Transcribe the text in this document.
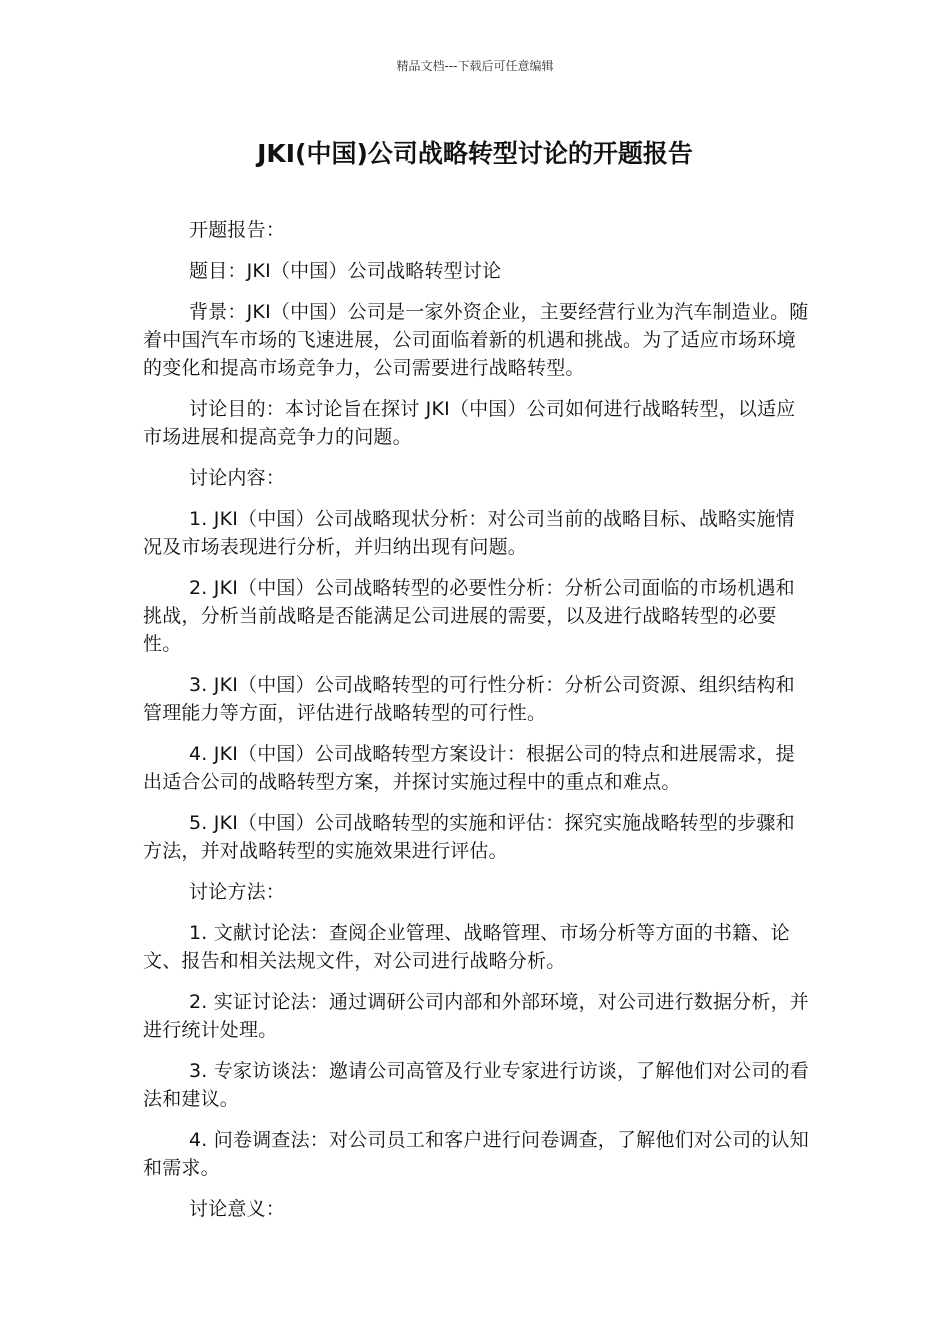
精品文档---下载后可任意编辑
JKI(中国)公司战略转型讨论的开题报告

开题报告：

题目：JKI（中国）公司战略转型讨论

背景：JKI（中国）公司是一家外资企业，主要经营行业为汽车制造业。随着中国汽车市场的飞速进展，公司面临着新的机遇和挑战。为了适应市场环境的变化和提高市场竞争力，公司需要进行战略转型。

讨论目的：本讨论旨在探讨 JKI（中国）公司如何进行战略转型，以适应市场进展和提高竞争力的问题。

讨论内容：

1. JKI（中国）公司战略现状分析：对公司当前的战略目标、战略实施情况及市场表现进行分析，并归纳出现有问题。

2. JKI（中国）公司战略转型的必要性分析：分析公司面临的市场机遇和挑战，分析当前战略是否能满足公司进展的需要，以及进行战略转型的必要性。

3. JKI（中国）公司战略转型的可行性分析：分析公司资源、组织结构和管理能力等方面，评估进行战略转型的可行性。

4. JKI（中国）公司战略转型方案设计：根据公司的特点和进展需求，提出适合公司的战略转型方案，并探讨实施过程中的重点和难点。

5. JKI（中国）公司战略转型的实施和评估：探究实施战略转型的步骤和方法，并对战略转型的实施效果进行评估。

讨论方法：

1. 文献讨论法：查阅企业管理、战略管理、市场分析等方面的书籍、论文、报告和相关法规文件，对公司进行战略分析。

2. 实证讨论法：通过调研公司内部和外部环境，对公司进行数据分析，并进行统计处理。

3. 专家访谈法：邀请公司高管及行业专家进行访谈，了解他们对公司的看法和建议。

4. 问卷调查法：对公司员工和客户进行问卷调查，了解他们对公司的认知和需求。

讨论意义：
